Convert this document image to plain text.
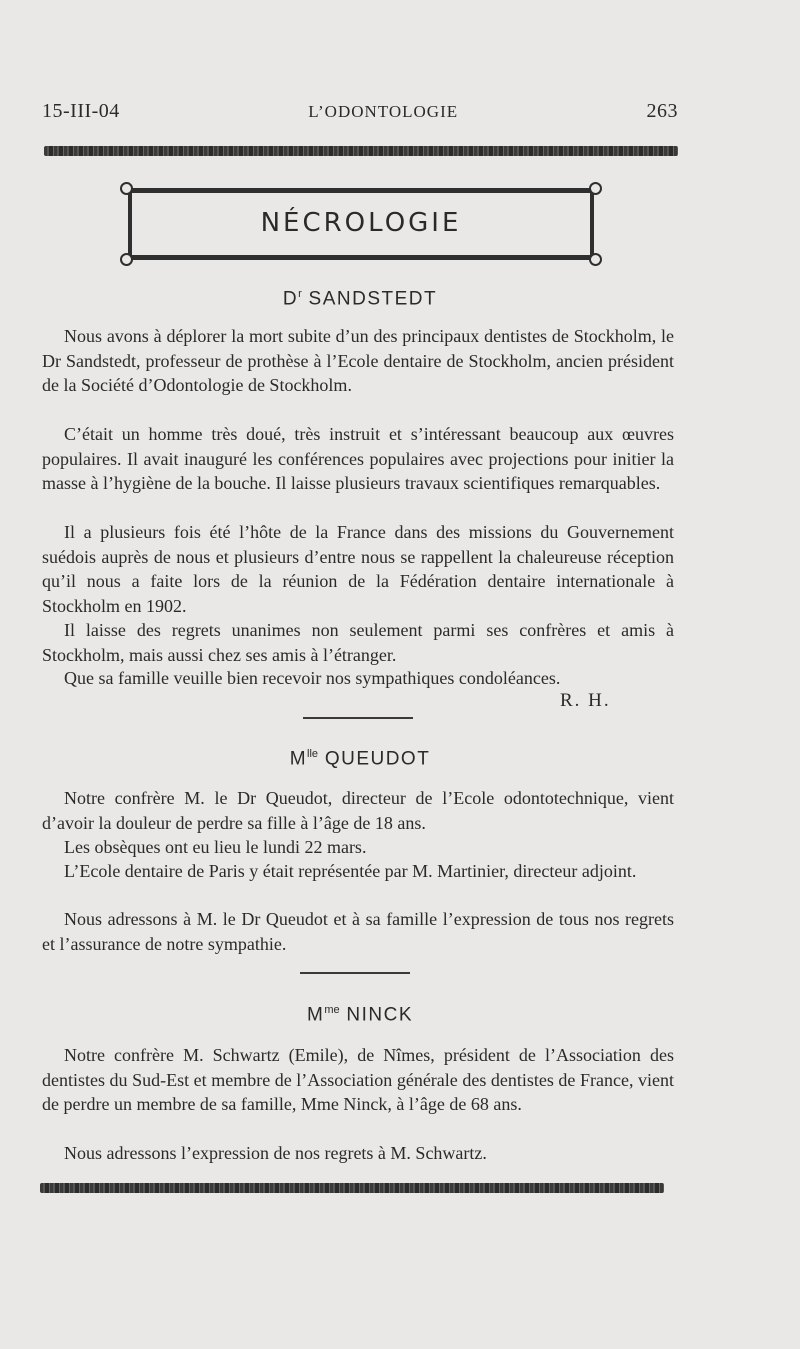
15-III-04	L’ODONTOLOGIE	263
NÉCROLOGIE
$D^r$ SANDSTEDT
Nous avons à déplorer la mort subite d’un des principaux dentistes de Stockholm, le Dr Sandstedt, professeur de prothèse à l’Ecole dentaire de Stockholm, ancien président de la Société d’Odontologie de Stockholm.
C’était un homme très doué, très instruit et s’intéressant beaucoup aux œuvres populaires. Il avait inauguré les conférences populaires avec projections pour initier la masse à l’hygiène de la bouche. Il laisse plusieurs travaux scientifiques remarquables.
Il a plusieurs fois été l’hôte de la France dans des missions du Gouvernement suédois auprès de nous et plusieurs d’entre nous se rappellent la chaleureuse réception qu’il nous a faite lors de la réunion de la Fédération dentaire internationale à Stockholm en 1902.
Il laisse des regrets unanimes non seulement parmi ses confrères et amis à Stockholm, mais aussi chez ses amis à l’étranger.
Que sa famille veuille bien recevoir nos sympathiques condoléances.
R. H.
$M^{lle}$ QUEUDOT
Notre confrère M. le Dr Queudot, directeur de l’Ecole odontotechnique, vient d’avoir la douleur de perdre sa fille à l’âge de 18 ans.
Les obsèques ont eu lieu le lundi 22 mars.
L’Ecole dentaire de Paris y était représentée par M. Martinier, directeur adjoint.
Nous adressons à M. le Dr Queudot et à sa famille l’expression de tous nos regrets et l’assurance de notre sympathie.
$M^{me}$ NINCK
Notre confrère M. Schwartz (Emile), de Nîmes, président de l’Association des dentistes du Sud-Est et membre de l’Association générale des dentistes de France, vient de perdre un membre de sa famille, Mme Ninck, à l’âge de 68 ans.
Nous adressons l’expression de nos regrets à M. Schwartz.
